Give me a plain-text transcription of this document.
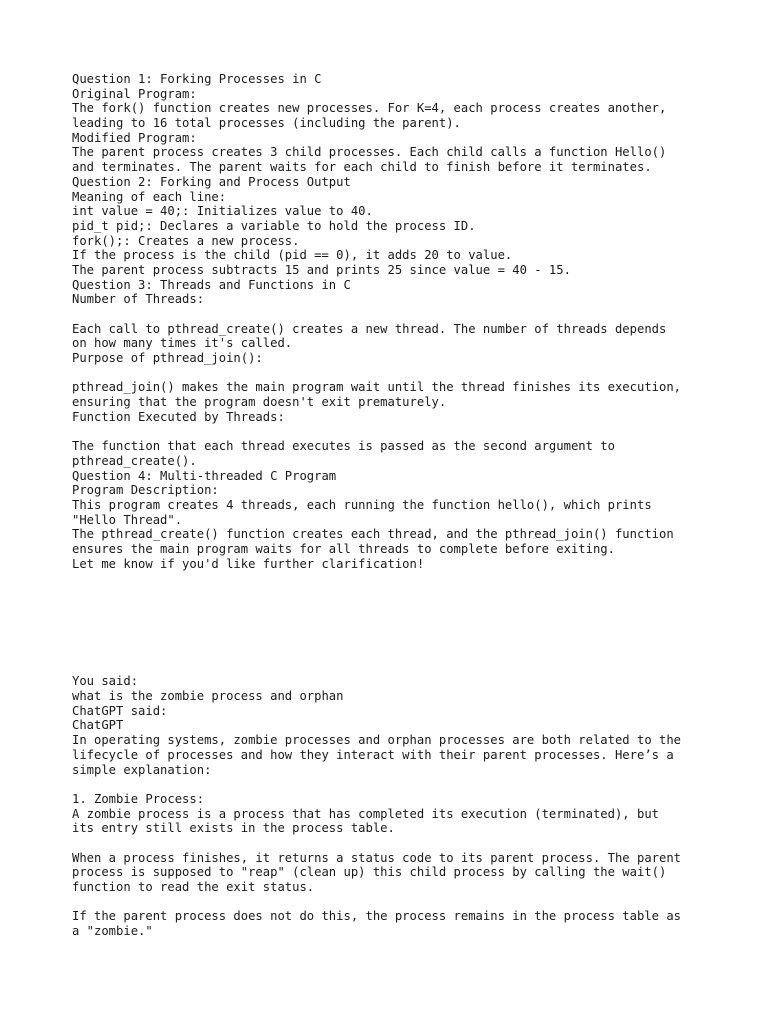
Question 1: Forking Processes in C
Original Program:
The fork() function creates new processes. For K=4, each process creates another,
leading to 16 total processes (including the parent).
Modified Program:
The parent process creates 3 child processes. Each child calls a function Hello()
and terminates. The parent waits for each child to finish before it terminates.
Question 2: Forking and Process Output
Meaning of each line:
int value = 40;: Initializes value to 40.
pid_t pid;: Declares a variable to hold the process ID.
fork();: Creates a new process.
If the process is the child (pid == 0), it adds 20 to value.
The parent process subtracts 15 and prints 25 since value = 40 - 15.
Question 3: Threads and Functions in C
Number of Threads:
Each call to pthread_create() creates a new thread. The number of threads depends
on how many times it's called.
Purpose of pthread_join():
pthread_join() makes the main program wait until the thread finishes its execution,
ensuring that the program doesn't exit prematurely.
Function Executed by Threads:
The function that each thread executes is passed as the second argument to
pthread_create().
Question 4: Multi-threaded C Program
Program Description:
This program creates 4 threads, each running the function hello(), which prints
"Hello Thread".
The pthread_create() function creates each thread, and the pthread_join() function
ensures the main program waits for all threads to complete before exiting.
Let me know if you'd like further clarification!
You said:
what is the zombie process and orphan
ChatGPT said:
ChatGPT
In operating systems, zombie processes and orphan processes are both related to the
lifecycle of processes and how they interact with their parent processes. Here’s a
simple explanation:
1. Zombie Process:
A zombie process is a process that has completed its execution (terminated), but
its entry still exists in the process table.
When a process finishes, it returns a status code to its parent process. The parent
process is supposed to "reap" (clean up) this child process by calling the wait()
function to read the exit status.
If the parent process does not do this, the process remains in the process table as
a "zombie."
